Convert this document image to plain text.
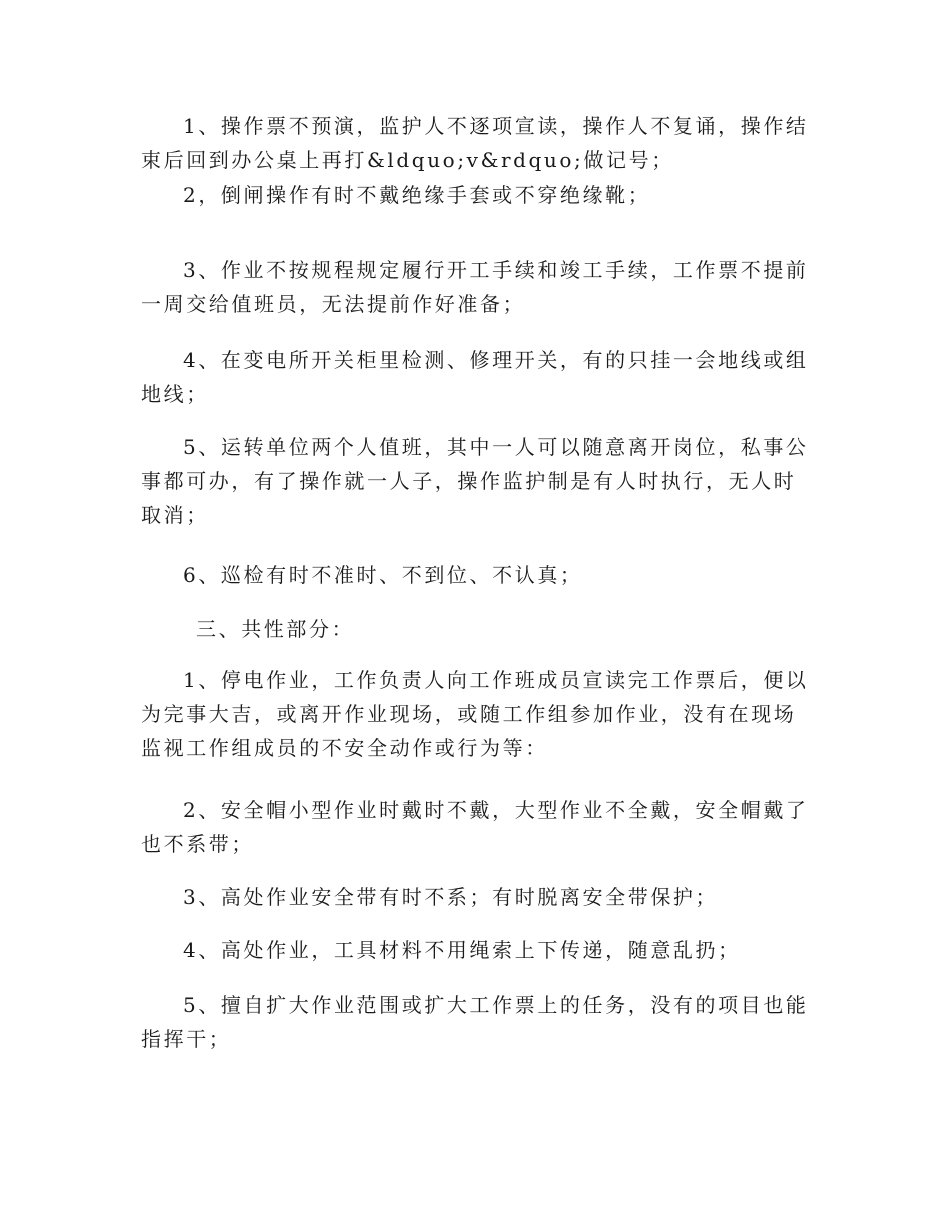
1、操作票不预演，监护人不逐项宣读，操作人不复诵，操作结束后回到办公桌上再打&ldquo;v&rdquo;做记号；

2，倒闸操作有时不戴绝缘手套或不穿绝缘靴；

3、作业不按规程规定履行开工手续和竣工手续，工作票不提前一周交给值班员，无法提前作好准备；

4、在变电所开关柜里检测、修理开关，有的只挂一会地线或组地线；

5、运转单位两个人值班，其中一人可以随意离开岗位，私事公事都可办，有了操作就一人子，操作监护制是有人时执行，无人时取消；

6、巡检有时不准时、不到位、不认真；

三、共性部分：

1、停电作业，工作负责人向工作班成员宣读完工作票后，便以为完事大吉，或离开作业现场，或随工作组参加作业，没有在现场监视工作组成员的不安全动作或行为等：

2、安全帽小型作业时戴时不戴，大型作业不全戴，安全帽戴了也不系带；

3、高处作业安全带有时不系；有时脱离安全带保护；

4、高处作业，工具材料不用绳索上下传递，随意乱扔；

5、擅自扩大作业范围或扩大工作票上的任务，没有的项目也能指挥干；
